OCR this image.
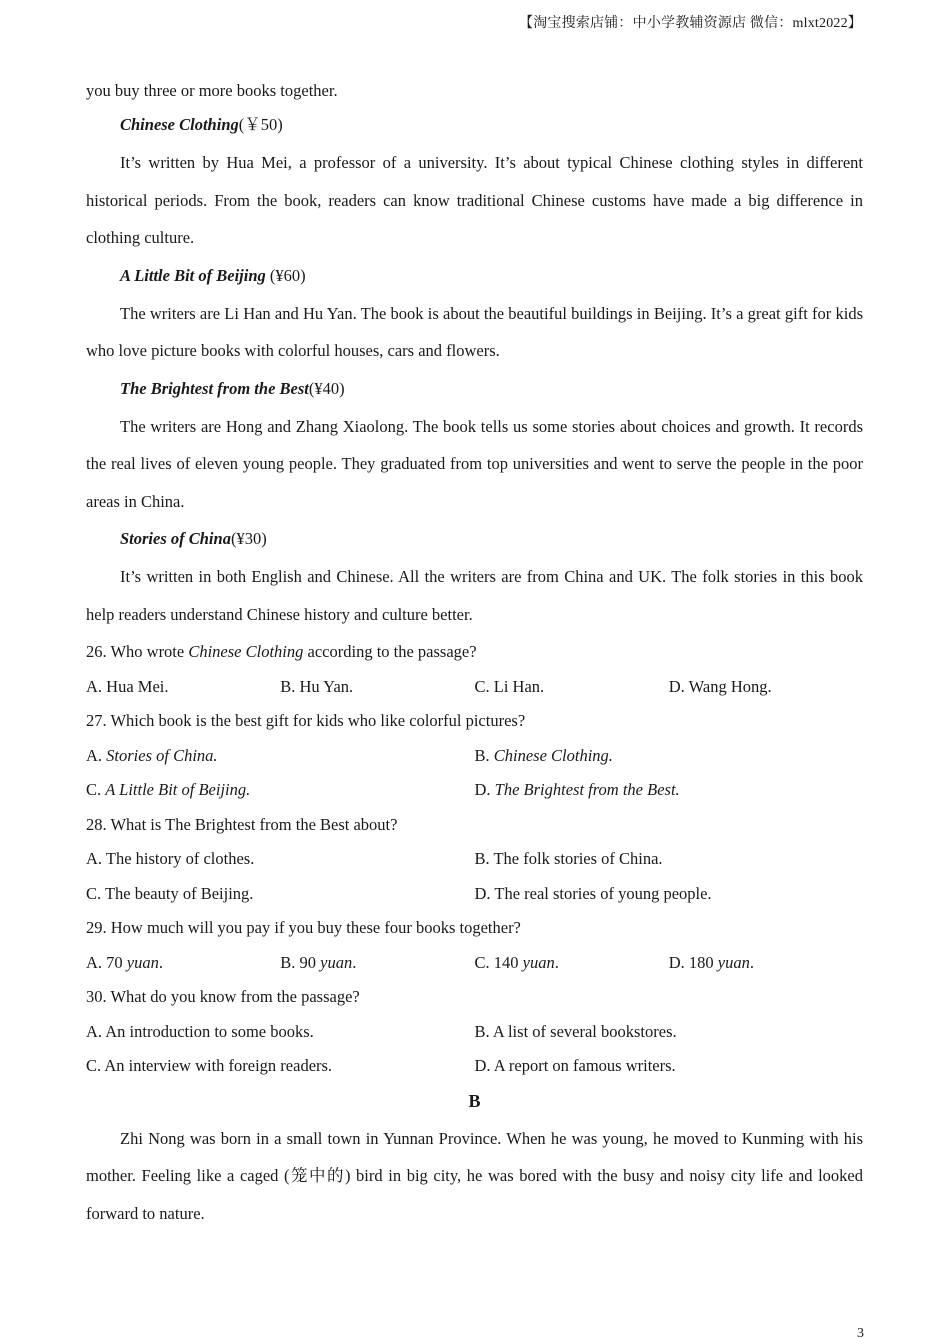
【淘宝搜索店铺：中小学教辅资源店 微信：mlxt2022】

you buy three or more books together.

Chinese Clothing(￥50)

It’s written by Hua Mei, a professor of a university. It’s about typical Chinese clothing styles in different historical periods. From the book, readers can know traditional Chinese customs have made a big difference in clothing culture.

A Little Bit of Beijing (¥60)

The writers are Li Han and Hu Yan. The book is about the beautiful buildings in Beijing. It’s a great gift for kids who love picture books with colorful houses, cars and flowers.

The Brightest from the Best(¥40)

The writers are Hong and Zhang Xiaolong. The book tells us some stories about choices and growth. It records the real lives of eleven young people. They graduated from top universities and went to serve the people in the poor areas in China.

Stories of China(¥30)

It’s written in both English and Chinese. All the writers are from China and UK. The folk stories in this book help readers understand Chinese history and culture better.

26. Who wrote Chinese Clothing according to the passage?

A. Hua Mei.	B. Hu Yan.	C. Li Han.	D. Wang Hong.

27. Which book is the best gift for kids who like colorful pictures?

A. Stories of China.	B. Chinese Clothing.
C. A Little Bit of Beijing.	D. The Brightest from the Best.

28. What is The Brightest from the Best about?

A. The history of clothes.	B. The folk stories of China.
C. The beauty of Beijing.	D. The real stories of young people.

29. How much will you pay if you buy these four books together?

A. 70 yuan.	B. 90 yuan.	C. 140 yuan.	D. 180 yuan.

30. What do you know from the passage?

A. An introduction to some books.	B. A list of several bookstores.
C. An interview with foreign readers.	D. A report on famous writers.
B

Zhi Nong was born in a small town in Yunnan Province. When he was young, he moved to Kunming with his mother. Feeling like a caged (笼中的) bird in big city, he was bored with the busy and noisy city life and looked forward to nature.

3
